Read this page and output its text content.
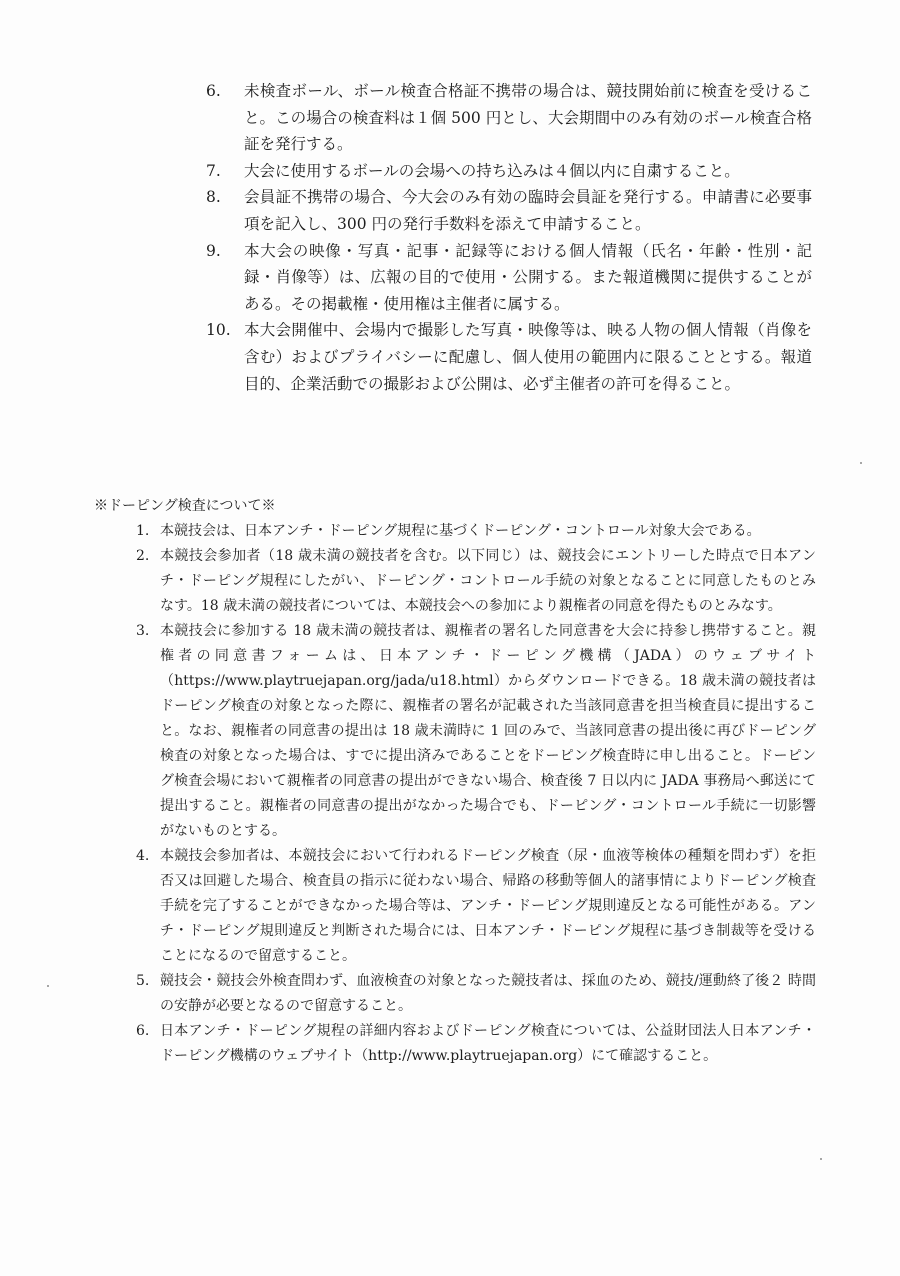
6.	未検査ボール、ボール検査合格証不携帯の場合は、競技開始前に検査を受けること。この場合の検査料は１個 500 円とし、大会期間中のみ有効のボール検査合格証を発行する。
7.	大会に使用するボールの会場への持ち込みは４個以内に自粛すること。
8.	会員証不携帯の場合、今大会のみ有効の臨時会員証を発行する。申請書に必要事項を記入し、300 円の発行手数料を添えて申請すること。
9.	本大会の映像・写真・記事・記録等における個人情報（氏名・年齢・性別・記録・肖像等）は、広報の目的で使用・公開する。また報道機関に提供することがある。その掲載権・使用権は主催者に属する。
10. 本大会開催中、会場内で撮影した写真・映像等は、映る人物の個人情報（肖像を含む）およびプライバシーに配慮し、個人使用の範囲内に限ることとする。報道目的、企業活動での撮影および公開は、必ず主催者の許可を得ること。
※ドーピング検査について※
1. 本競技会は、日本アンチ・ドーピング規程に基づくドーピング・コントロール対象大会である。
2. 本競技会参加者（18 歳未満の競技者を含む。以下同じ）は、競技会にエントリーした時点で日本アンチ・ドーピング規程にしたがい、ドーピング・コントロール手続の対象となることに同意したものとみなす。18 歳未満の競技者については、本競技会への参加により親権者の同意を得たものとみなす。
3. 本競技会に参加する 18 歳未満の競技者は、親権者の署名した同意書を大会に持参し携帯すること。親権者の同意書フォームは、日本アンチ・ドーピング機構（JADA）のウェブサイト（https://www.playtruejapan.org/jada/u18.html）からダウンロードできる。18 歳未満の競技者はドーピング検査の対象となった際に、親権者の署名が記載された当該同意書を担当検査員に提出すること。なお、親権者の同意書の提出は 18 歳未満時に 1 回のみで、当該同意書の提出後に再びドーピング検査の対象となった場合は、すでに提出済みであることをドーピング検査時に申し出ること。ドーピング検査会場において親権者の同意書の提出ができない場合、検査後 7 日以内に JADA 事務局へ郵送にて提出すること。親権者の同意書の提出がなかった場合でも、ドーピング・コントロール手続に一切影響がないものとする。
4. 本競技会参加者は、本競技会において行われるドーピング検査（尿・血液等検体の種類を問わず）を拒否又は回避した場合、検査員の指示に従わない場合、帰路の移動等個人的諸事情によりドーピング検査手続を完了することができなかった場合等は、アンチ・ドーピング規則違反となる可能性がある。アンチ・ドーピング規則違反と判断された場合には、日本アンチ・ドーピング規程に基づき制裁等を受けることになるので留意すること。
5. 競技会・競技会外検査問わず、血液検査の対象となった競技者は、採血のため、競技/運動終了後２ 時間の安静が必要となるので留意すること。
6. 日本アンチ・ドーピング規程の詳細内容およびドーピング検査については、公益財団法人日本アンチ・ドーピング機構のウェブサイト（http://www.playtruejapan.org）にて確認すること。
